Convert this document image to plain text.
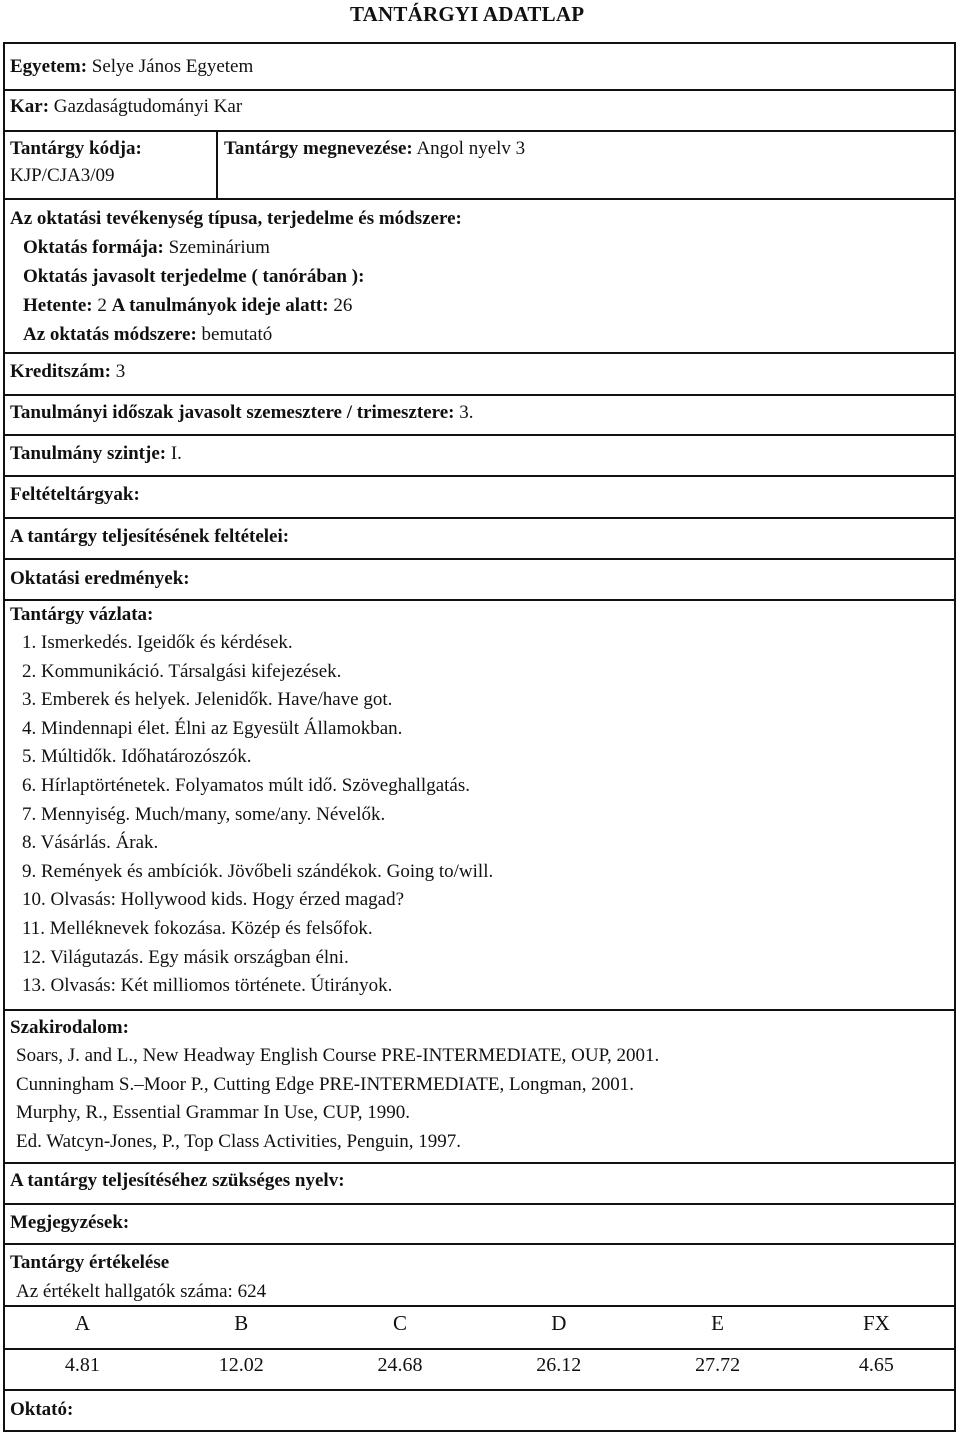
TANTÁRGYI ADATLAP
Egyetem: Selye János Egyetem
Kar: Gazdaságtudományi Kar
Tantárgy kódja:
KJP/CJA3/09
Tantárgy megnevezése: Angol nyelv 3
Az oktatási tevékenység típusa, terjedelme és módszere:
Oktatás formája: Szeminárium
Oktatás javasolt terjedelme ( tanórában ):
Hetente: 2 A tanulmányok ideje alatt: 26
Az oktatás módszere: bemutató
Kreditszám: 3
Tanulmányi időszak javasolt szemesztere / trimesztere: 3.
Tanulmány szintje: I.
Feltételtárgyak:
A tantárgy teljesítésének feltételei:
Oktatási eredmények:
Tantárgy vázlata:
1. Ismerkedés. Igeidők és kérdések.
2. Kommunikáció. Társalgási kifejezések.
3. Emberek és helyek. Jelenidők. Have/have got.
4. Mindennapi élet. Élni az Egyesült Államokban.
5. Múltidők. Időhatározószók.
6. Hírlaptörténetek. Folyamatos múlt idő. Szöveghallgatás.
7. Mennyiség. Much/many, some/any. Névelők.
8. Vásárlás. Árak.
9. Remények és ambíciók. Jövőbeli szándékok. Going to/will.
10. Olvasás: Hollywood kids. Hogy érzed magad?
11. Melléknevek fokozása. Közép és felsőfok.
12. Világutazás. Egy másik országban élni.
13. Olvasás: Két milliomos története. Útirányok.
Szakirodalom:
Soars, J. and L., New Headway English Course PRE-INTERMEDIATE, OUP, 2001.
Cunningham S.–Moor P., Cutting Edge PRE-INTERMEDIATE, Longman, 2001.
Murphy, R., Essential Grammar In Use, CUP, 1990.
Ed. Watcyn-Jones, P., Top Class Activities, Penguin, 1997.
A tantárgy teljesítéséhez szükséges nyelv:
Megjegyzések:
Tantárgy értékelése
Az értékelt hallgatók száma: 624
A	B	C	D	E	FX
4.81	12.02	24.68	26.12	27.72	4.65
Oktató:
